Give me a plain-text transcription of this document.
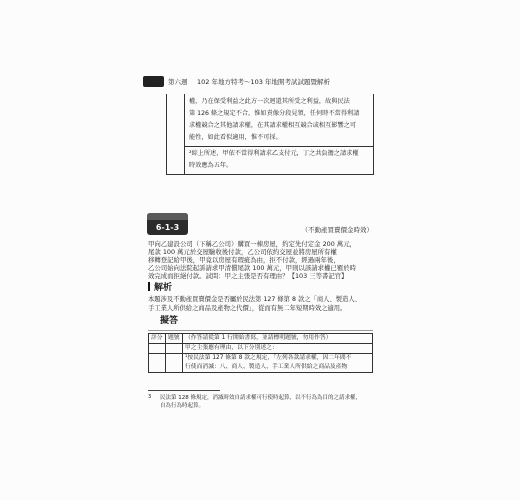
第六週 102 年地方特考～103 年地開考試試題暨解析
權，乃在保受利益之此方一次迴還其所受之利益，故與民法
第 126 條之規定不合，惟如責像分段見領，任何時不當得利請
求權競合之其他請求權，在其請求權相互競合或相互影響之可
能性，如此看似適用，惟不可採。
²綜上所述，甲依不當得利請求乙支付元，丁之共負擔之請求權
時效應為五年。
6-1-3	（不動產買賣價金時效）
甲向乙建設公司（下稱乙公司）購買一棟房屋，約定先付定金 200 萬元，
尾款 100 萬元於交屋驗收後付款，乙公司依約交屋並將房屋所有權
移轉登記給甲後，甲竟以房屋有瑕疵為由，拒不付款，經過兩年後，
乙公司始向法院起訴請求甲清償尾款 100 萬元，甲則以該請求權已罹於時
效完成而拒絕付款。試問：甲之主張是否有理由？【103 三等書記官】
解析
本題涉及不動產買賣價金是否屬於民法第 127 條第 8 款之「商人、製造人、
手工業人所供給之商品及產物之代價」，從而有無二年短期時效之適用。
擬答
評分	題號	（作答請從第 1 行開始書寫，並請標明題號，勿用作答）
		甲之主張應有理由，以下分別述之：

		¹按民法第 127 條第 8 款之規定，「左列各款請求權，因二年間不
行使而消滅：八、商人、製造人、手工業人所供給之商品及產物
3 民法第 128 條規定，消滅時效自請求權可行使時起算，以不行為為目的之請求權，
自為行為時起算。
